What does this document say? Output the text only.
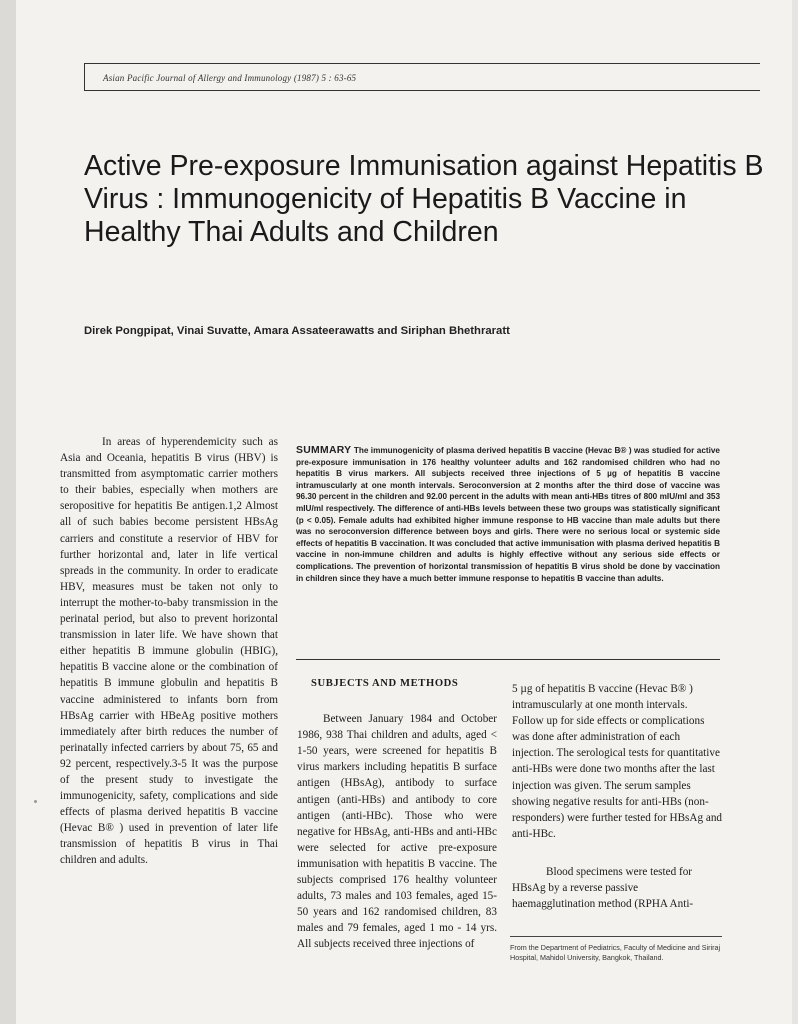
Asian Pacific Journal of Allergy and Immunology (1987) 5 : 63-65
Active Pre-exposure Immunisation against Hepatitis B Virus : Immunogenicity of Hepatitis B Vaccine in Healthy Thai Adults and Children
Direk Pongpipat, Vinai Suvatte, Amara Assateerawatts and Siriphan Bhethraratt

In areas of hyperendemicity such as Asia and Oceania, hepatitis B virus (HBV) is transmitted from asymptomatic carrier mothers to their babies, especially when mothers are seropositive for hepatitis Be antigen.1,2 Almost all of such babies become persistent HBsAg carriers and constitute a reservior of HBV for further horizontal and, later in life vertical spreads in the community. In order to eradicate HBV, measures must be taken not only to interrupt the mother-to-baby transmission in the perinatal period, but also to prevent horizontal transmission in later life. We have shown that either hepatitis B immune globulin (HBIG), hepatitis B vaccine alone or the combination of hepatitis B immune globulin and hepatitis B vaccine administered to infants born from HBsAg carrier with HBeAg positive mothers immediately after birth reduces the number of perinatally infected carriers by about 75, 65 and 92 percent, respectively.3-5 It was the purpose of the present study to investigate the immunogenicity, safety, complications and side effects of plasma derived hepatitis B vaccine (Hevac B® ) used in prevention of later life transmission of hepatitis B virus in Thai children and adults.

SUMMARY The immunogenicity of plasma derived hepatitis B vaccine (Hevac B® ) was studied for active pre-exposure immunisation in 176 healthy volunteer adults and 162 randomised children who had no hepatitis B virus markers. All subjects received three injections of 5 µg of hepatitis B vaccine intramuscularly at one month intervals. Seroconversion at 2 months after the third dose of vaccine was 96.30 percent in the children and 92.00 percent in the adults with mean anti-HBs titres of 800 mIU/ml and 353 mIU/ml respectively. The difference of anti-HBs levels between these two groups was statistically significant (p < 0.05). Female adults had exhibited higher immune response to HB vaccine than male adults but there was no seroconversion difference between boys and girls. There were no serious local or systemic side effects of hepatitis B vaccination. It was concluded that active immunisation with plasma derived hepatitis B vaccine in non-immune children and adults is highly effective without any serious side effects or complications. The prevention of horizontal transmission of hepatitis B virus shold be done by vaccination in children since they have a much better immune response to hepatitis B vaccine than adults.
SUBJECTS AND METHODS

Between January 1984 and October 1986, 938 Thai children and adults, aged < 1-50 years, were screened for hepatitis B virus markers including hepatitis B surface antigen (HBsAg), antibody to surface antigen (anti-HBs) and antibody to core antigen (anti-HBc). Those who were negative for HBsAg, anti-HBs and anti-HBc were selected for active pre-exposure immunisation with hepatitis B vaccine. The subjects comprised 176 healthy volunteer adults, 73 males and 103 females, aged 15-50 years and 162 randomised children, 83 males and 79 females, aged 1 mo - 14 yrs. All subjects received three injections of

5 µg of hepatitis B vaccine (Hevac B® ) intramuscularly at one month intervals. Follow up for side effects or complications was done after administration of each injection. The serological tests for quantitative anti-HBs were done two months after the last injection was given. The serum samples showing negative results for anti-HBs (non-responders) were further tested for HBsAg and anti-HBc.

Blood specimens were tested for HBsAg by a reverse passive haemagglutination method (RPHA Anti-

From the Department of Pediatrics, Faculty of Medicine and Siriraj Hospital, Mahidol University, Bangkok, Thailand.
